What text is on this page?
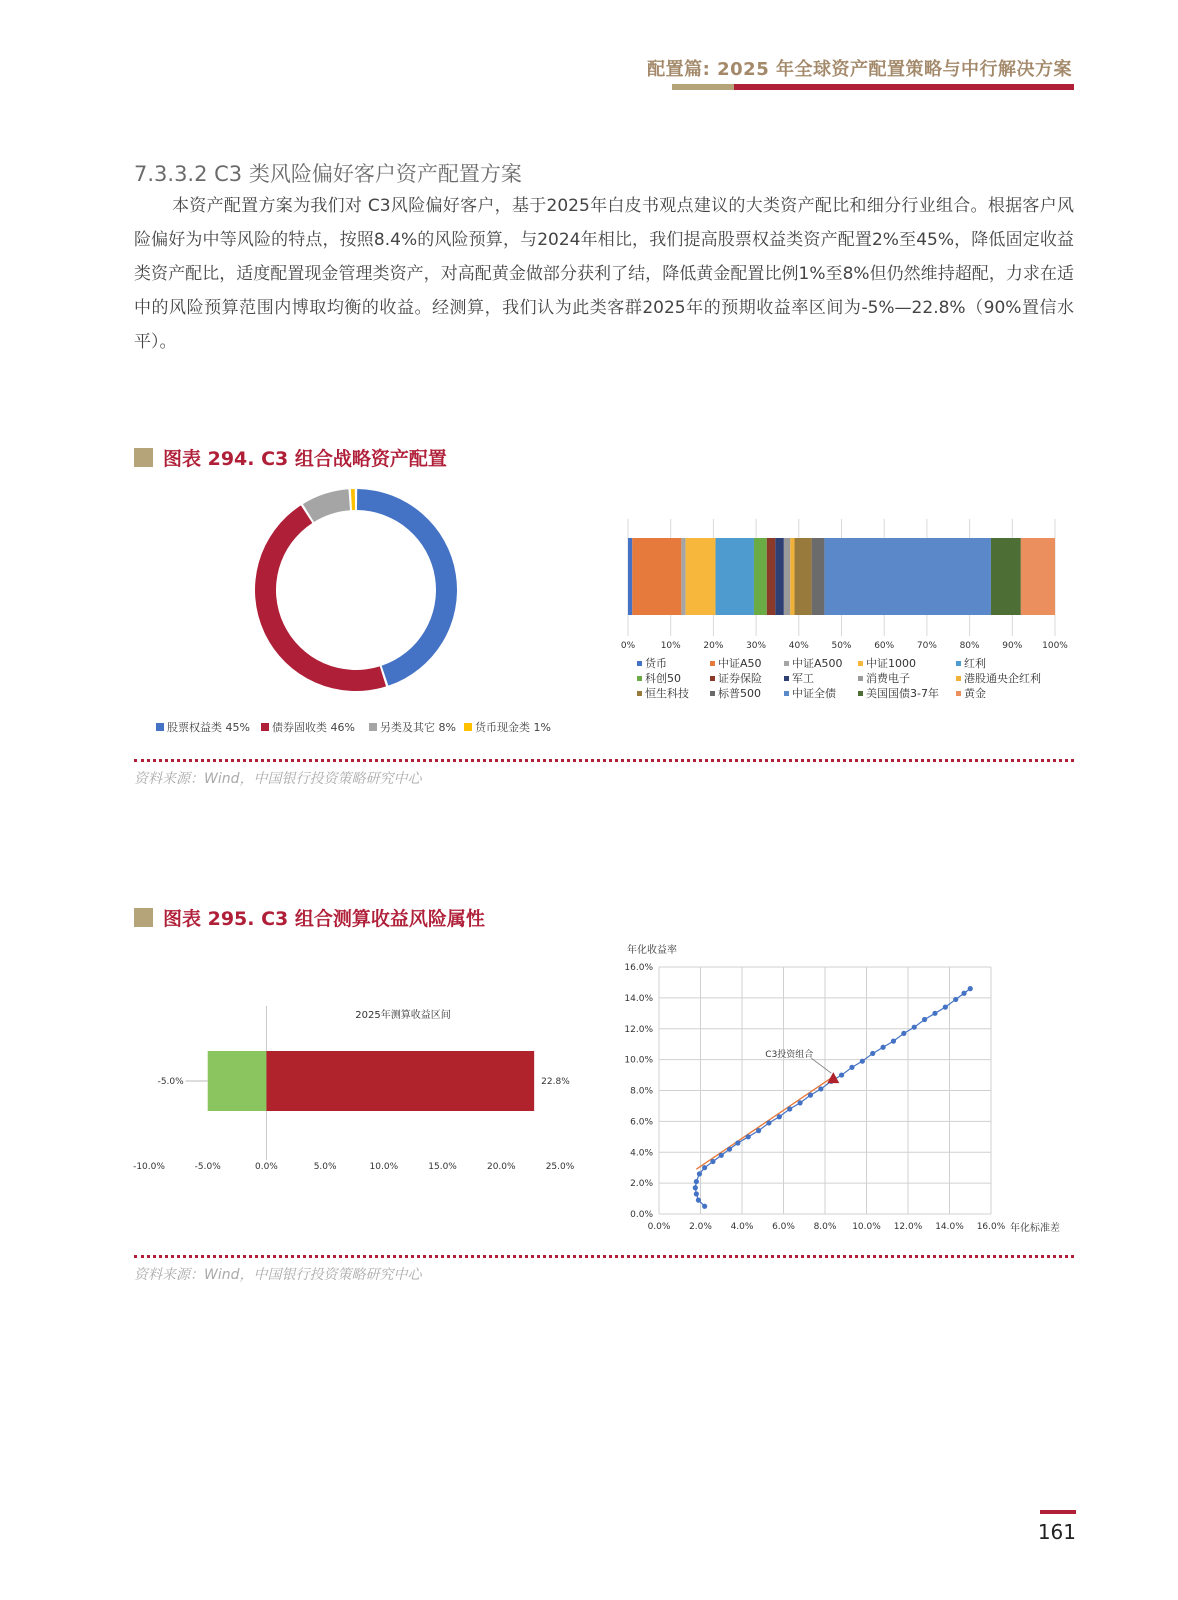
配置篇: 2025 年全球资产配置策略与中行解决方案
7.3.3.2 C3 类风险偏好客户资产配置方案

本资产配置方案为我们对 C3风险偏好客户，基于2025年白皮书观点建议的大类资产配比和细分行业组合。根据客户风险偏好为中等风险的特点，按照8.4%的风险预算，与2024年相比，我们提高股票权益类资产配置2%至45%，降低固定收益类资产配比，适度配置现金管理类资产，对高配黄金做部分获利了结，降低黄金配置比例1%至8%但仍然维持超配，力求在适中的风险预算范围内博取均衡的收益。经测算，我们认为此类客群2025年的预期收益率区间为-5%—22.8%（90%置信水平）。

图表 294. C3 组合战略资产配置
股票权益类 45% 债券固收类 46% 另类及其它 8% 货币现金类 1%
0%	10%	20%	30%	40%	50%	60%	70%	80%	90% 100%
货币	中证A50	中证A500 中证1000	红利
科创50	证券保险	军工	消费电子	港股通央企红利
恒生科技	标普500	中证全债	美国国债3-7年 黄金
资料来源：Wind，中国银行投资策略研究中心
图表 295. C3 组合测算收益风险属性
2025年测算收益区间
-5.0%	22.8%
-10.0%	-5.0%	0.0%	5.0%	10.0%	15.0%	20.0%	25.0%
C3投资组合
0.0% 2.0% 4.0% 6.0% 8.0% 10.0% 12.0% 14.0% 16.0%
0.0%
2.0%
4.0%
6.0%
8.0%
10.0%
12.0%
14.0%
16.0%
年化收益率
年化标准差
资料来源：Wind，中国银行投资策略研究中心
161
